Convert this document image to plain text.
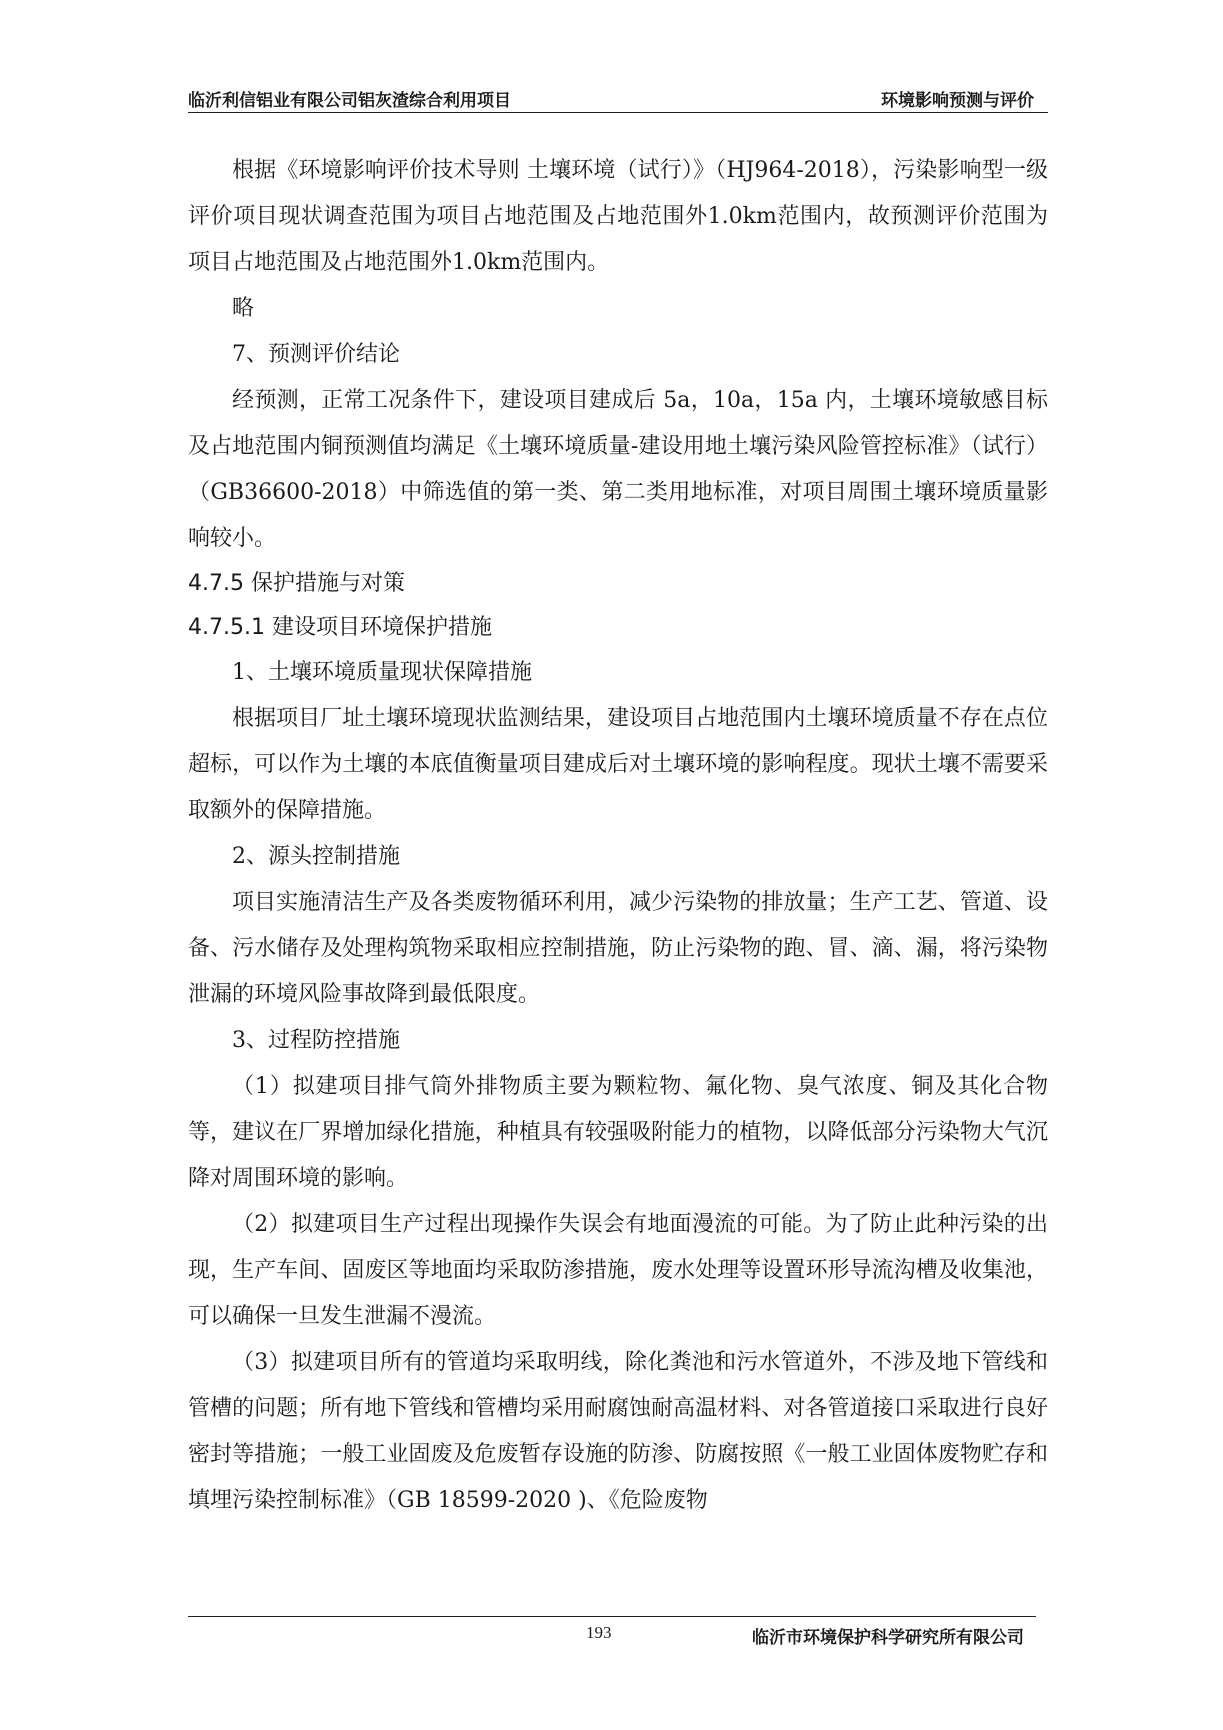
临沂利信铝业有限公司铝灰渣综合利用项目	环境影响预测与评价

根据《环境影响评价技术导则 土壤环境（试行）》（HJ964-2018），污染影响型一级评价项目现状调查范围为项目占地范围及占地范围外1.0km范围内，故预测评价范围为项目占地范围及占地范围外1.0km范围内。

略

7、预测评价结论

经预测，正常工况条件下，建设项目建成后 5a，10a，15a 内，土壤环境敏感目标及占地范围内铜预测值均满足《土壤环境质量-建设用地土壤污染风险管控标准》（试行）（GB36600-2018）中筛选值的第一类、第二类用地标准，对项目周围土壤环境质量影响较小。

4.7.5 保护措施与对策

4.7.5.1 建设项目环境保护措施

1、土壤环境质量现状保障措施

根据项目厂址土壤环境现状监测结果，建设项目占地范围内土壤环境质量不存在点位超标，可以作为土壤的本底值衡量项目建成后对土壤环境的影响程度。现状土壤不需要采取额外的保障措施。

2、源头控制措施

项目实施清洁生产及各类废物循环利用，减少污染物的排放量；生产工艺、管道、设备、污水储存及处理构筑物采取相应控制措施，防止污染物的跑、冒、滴、漏，将污染物泄漏的环境风险事故降到最低限度。

3、过程防控措施

（1）拟建项目排气筒外排物质主要为颗粒物、氟化物、臭气浓度、铜及其化合物等，建议在厂界增加绿化措施，种植具有较强吸附能力的植物，以降低部分污染物大气沉降对周围环境的影响。

（2）拟建项目生产过程出现操作失误会有地面漫流的可能。为了防止此种污染的出现，生产车间、固废区等地面均采取防渗措施，废水处理等设置环形导流沟槽及收集池，可以确保一旦发生泄漏不漫流。

（3）拟建项目所有的管道均采取明线，除化粪池和污水管道外，不涉及地下管线和管槽的问题；所有地下管线和管槽均采用耐腐蚀耐高温材料、对各管道接口采取进行良好密封等措施；一般工业固废及危废暂存设施的防渗、防腐按照《一般工业固体废物贮存和填埋污染控制标准》（GB 18599-2020 )、《危险废物

193	临沂市环境保护科学研究所有限公司
